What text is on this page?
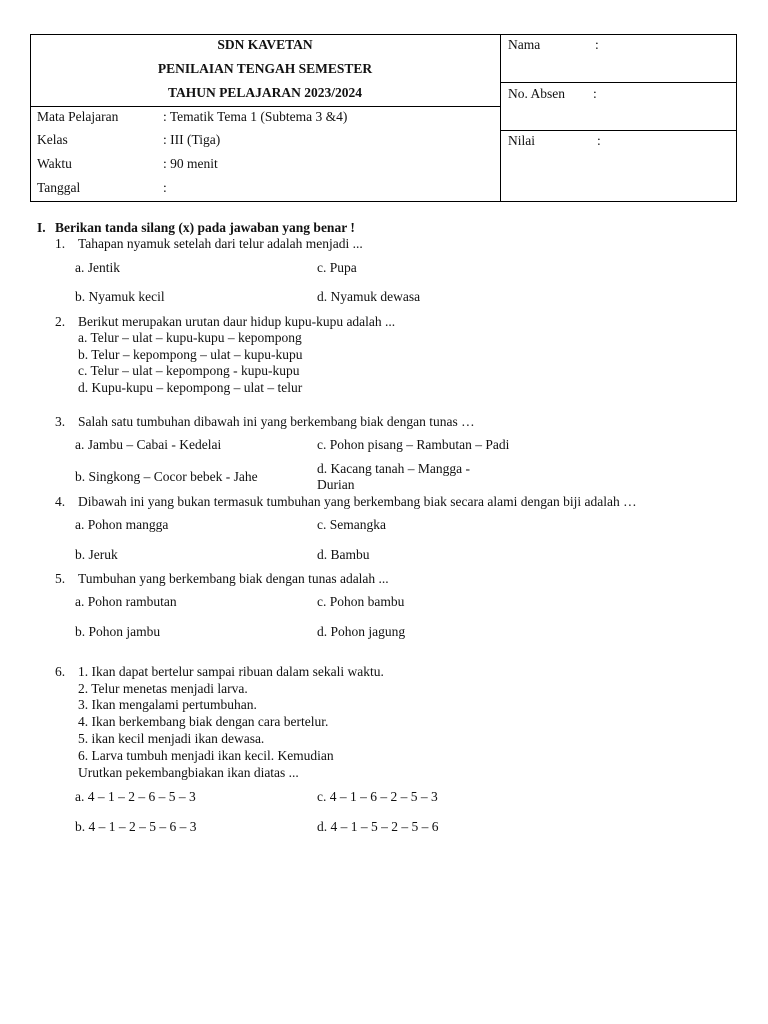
SDN KAVETAN
PENILAIAN TENGAH SEMESTER
TAHUN PELAJARAN 2023/2024
Mata Pelajaran	: Tematik Tema 1 (Subtema 3 &4)
Kelas	: III (Tiga)
Waktu	: 90 menit
Tanggal	:
Nama	:
No. Absen :
Nilai	:
I. Berikan tanda silang (x) pada jawaban yang benar !
1. Tahapan nyamuk setelah dari telur adalah menjadi ...
a. Jentik	c. Pupa
b. Nyamuk kecil	d. Nyamuk dewasa
2. Berikut merupakan urutan daur hidup kupu-kupu adalah ...
a. Telur – ulat – kupu-kupu – kepompong
b. Telur – kepompong – ulat – kupu-kupu
c. Telur – ulat – kepompong - kupu-kupu
d. Kupu-kupu – kepompong – ulat – telur
3. Salah satu tumbuhan dibawah ini yang berkembang biak dengan tunas …
a. Jambu – Cabai - Kedelai	c. Pohon pisang – Rambutan – Padi
b. Singkong – Cocor bebek - Jahe
d. Kacang tanah – Mangga -
Durian
4. Dibawah ini yang bukan termasuk tumbuhan yang berkembang biak secara alami dengan biji adalah …
a. Pohon mangga	c. Semangka
b. Jeruk	d. Bambu
5. Tumbuhan yang berkembang biak dengan tunas adalah ...
a. Pohon rambutan	c. Pohon bambu
b. Pohon jambu	d. Pohon jagung
6. 1. Ikan dapat bertelur sampai ribuan dalam sekali waktu.
2. Telur menetas menjadi larva.
3. Ikan mengalami pertumbuhan.
4. Ikan berkembang biak dengan cara bertelur.
5. ikan kecil menjadi ikan dewasa.
6. Larva tumbuh menjadi ikan kecil. Kemudian
Urutkan pekembangbiakan ikan diatas ...
a. 4 – 1 – 2 – 6 – 5 – 3	c. 4 – 1 – 6 – 2 – 5 – 3
b. 4 – 1 – 2 – 5 – 6 – 3	d. 4 – 1 – 5 – 2 – 5 – 6
